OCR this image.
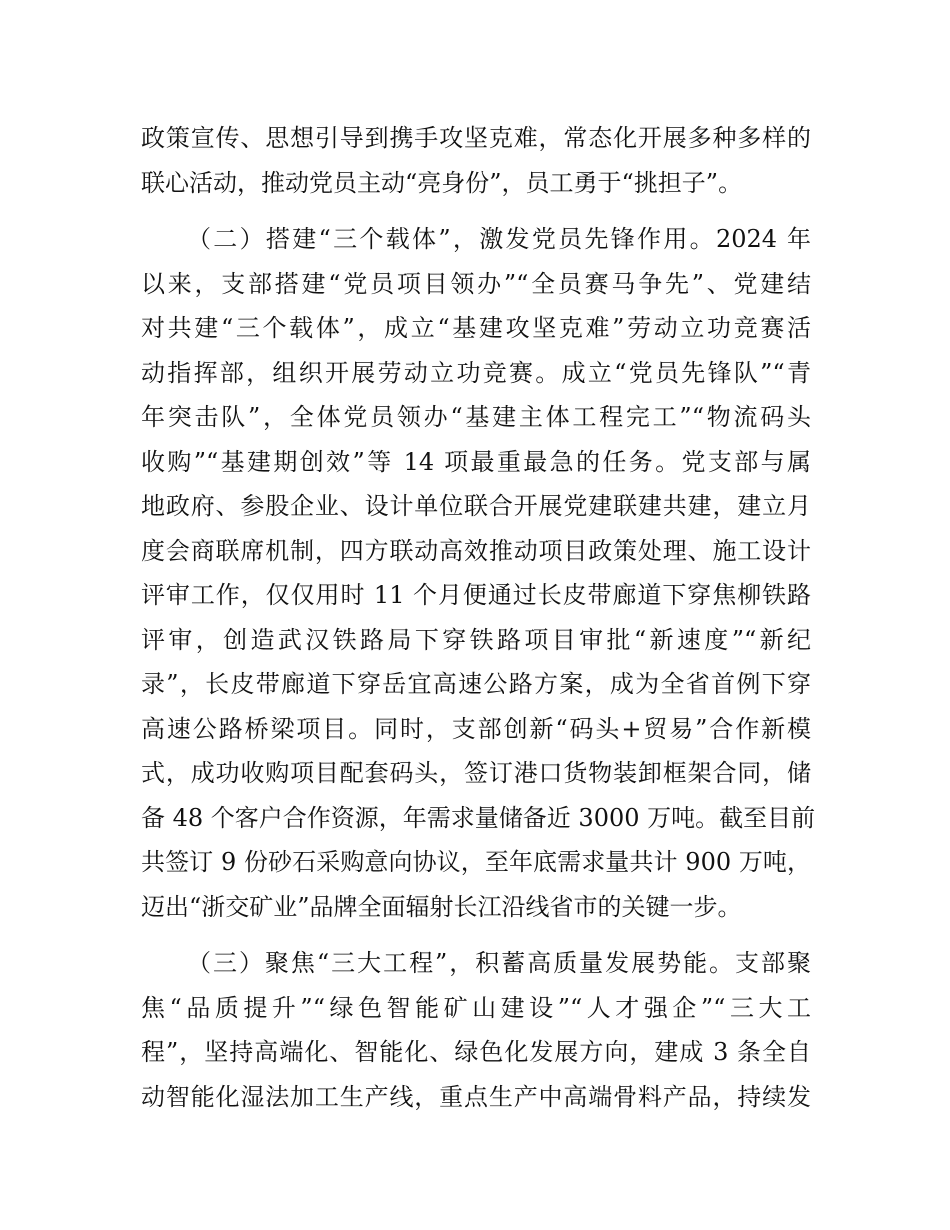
政策宣传、思想引导到携手攻坚克难，常态化开展多种多样的
联心活动，推动党员主动“亮身份”，员工勇于“挑担子”。
（二）搭建“三个载体”，激发党员先锋作用。2024 年
以来，支部搭建“党员项目领办”“全员赛马争先”、党建结
对共建“三个载体”，成立“基建攻坚克难”劳动立功竞赛活
动指挥部，组织开展劳动立功竞赛。成立“党员先锋队”“青
年突击队”，全体党员领办“基建主体工程完工”“物流码头
收购”“基建期创效”等 14 项最重最急的任务。党支部与属
地政府、参股企业、设计单位联合开展党建联建共建，建立月
度会商联席机制，四方联动高效推动项目政策处理、施工设计
评审工作，仅仅用时 11 个月便通过长皮带廊道下穿焦柳铁路
评审，创造武汉铁路局下穿铁路项目审批“新速度”“新纪
录”，长皮带廊道下穿岳宜高速公路方案，成为全省首例下穿
高速公路桥梁项目。同时，支部创新“码头+贸易”合作新模
式，成功收购项目配套码头，签订港口货物装卸框架合同，储
备 48 个客户合作资源，年需求量储备近 3000 万吨。截至目前
共签订 9 份砂石采购意向协议，至年底需求量共计 900 万吨，
迈出“浙交矿业”品牌全面辐射长江沿线省市的关键一步。
（三）聚焦“三大工程”，积蓄高质量发展势能。支部聚
焦“品质提升”“绿色智能矿山建设”“人才强企”“三大工
程”，坚持高端化、智能化、绿色化发展方向，建成 3 条全自
动智能化湿法加工生产线，重点生产中高端骨料产品，持续发
